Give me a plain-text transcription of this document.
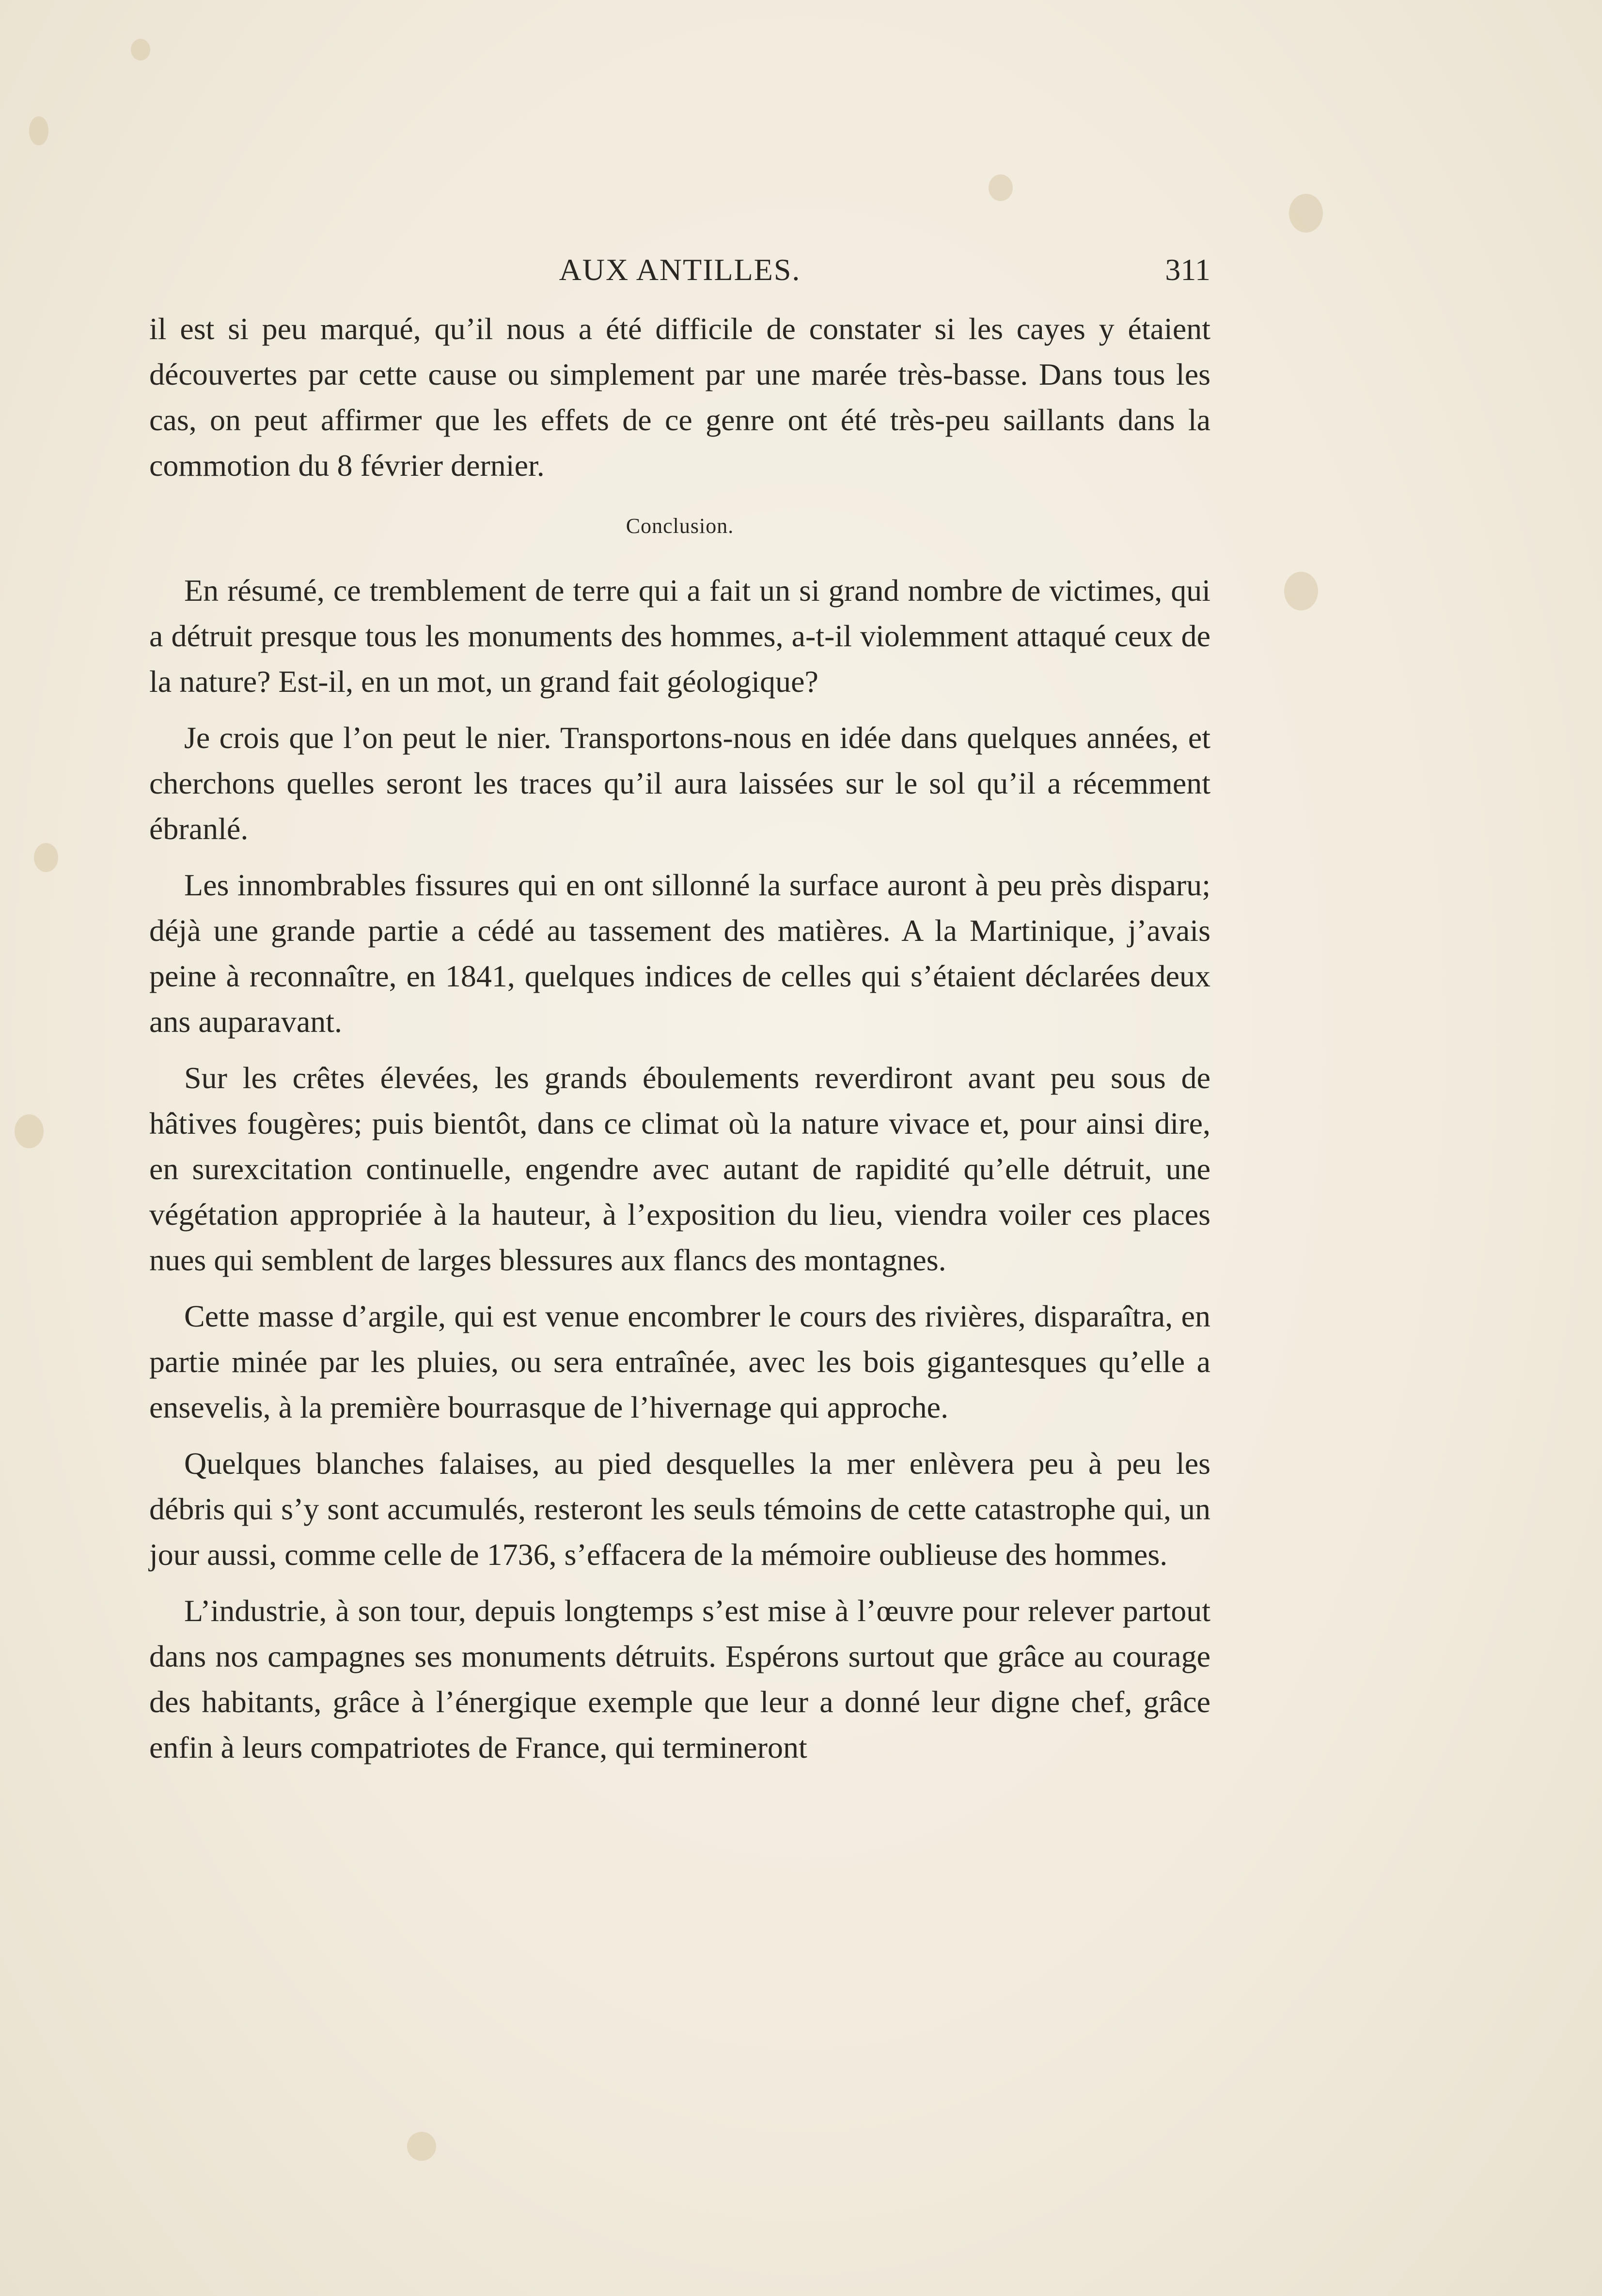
AUX ANTILLES.	311

il est si peu marqué, qu’il nous a été difficile de constater si les cayes y étaient découvertes par cette cause ou simplement par une marée très-basse. Dans tous les cas, on peut affirmer que les effets de ce genre ont été très-peu saillants dans la commotion du 8 février dernier.

Conclusion.

En résumé, ce tremblement de terre qui a fait un si grand nombre de victimes, qui a détruit presque tous les monuments des hommes, a-t-il violemment attaqué ceux de la nature? Est-il, en un mot, un grand fait géologique?

Je crois que l’on peut le nier. Transportons-nous en idée dans quelques années, et cherchons quelles seront les traces qu’il aura laissées sur le sol qu’il a récemment ébranlé.

Les innombrables fissures qui en ont sillonné la surface auront à peu près disparu; déjà une grande partie a cédé au tassement des matières. A la Martinique, j’avais peine à reconnaître, en 1841, quelques indices de celles qui s’étaient déclarées deux ans auparavant.

Sur les crêtes élevées, les grands éboulements reverdiront avant peu sous de hâtives fougères; puis bientôt, dans ce climat où la nature vivace et, pour ainsi dire, en surexcitation continuelle, engendre avec autant de rapidité qu’elle détruit, une végétation appropriée à la hauteur, à l’exposition du lieu, viendra voiler ces places nues qui semblent de larges blessures aux flancs des montagnes.

Cette masse d’argile, qui est venue encombrer le cours des rivières, disparaîtra, en partie minée par les pluies, ou sera entraînée, avec les bois gigantesques qu’elle a ensevelis, à la première bourrasque de l’hivernage qui approche.

Quelques blanches falaises, au pied desquelles la mer enlèvera peu à peu les débris qui s’y sont accumulés, resteront les seuls témoins de cette catastrophe qui, un jour aussi, comme celle de 1736, s’effacera de la mémoire oublieuse des hommes.

L’industrie, à son tour, depuis longtemps s’est mise à l’œuvre pour relever partout dans nos campagnes ses monuments détruits. Espérons surtout que grâce au courage des habitants, grâce à l’énergique exemple que leur a donné leur digne chef, grâce enfin à leurs compatriotes de France, qui termineront
